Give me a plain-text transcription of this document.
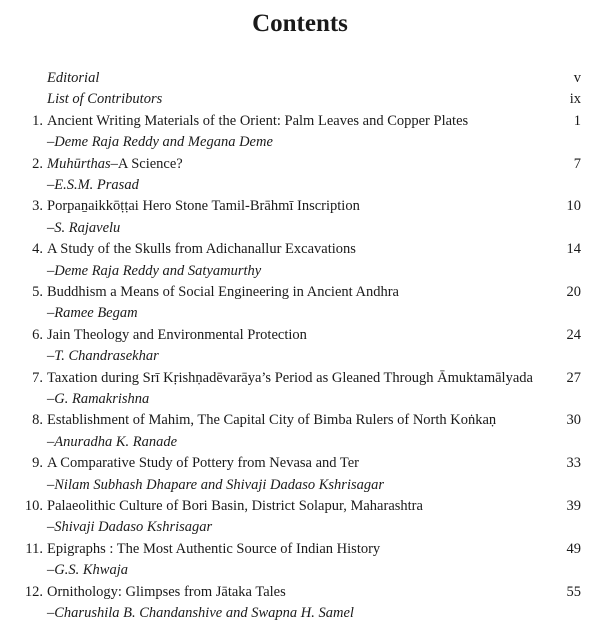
Contents
Editorial	v
List of Contributors	ix
1. Ancient Writing Materials of the Orient: Palm Leaves and Copper Plates	1
–Deme Raja Reddy and Megana Deme
2. Muhūrthas–A Science?	7
–E.S.M. Prasad
3. Porpaṉaikkōṭṭai Hero Stone Tamil-Brāhmī Inscription	10
–S. Rajavelu
4. A Study of the Skulls from Adichanallur Excavations	14
–Deme Raja Reddy and Satyamurthy
5. Buddhism a Means of Social Engineering in Ancient Andhra	20
–Ramee Begam
6. Jain Theology and Environmental Protection	24
–T. Chandrasekhar
7. Taxation during Srī Kṛishṇadēvarāya’s Period as Gleaned Through Āmuktamālyada 27
–G. Ramakrishna
8. Establishment of Mahim, The Capital City of Bimba Rulers of North Koṅkaṇ	30
–Anuradha K. Ranade
9. A Comparative Study of Pottery from Nevasa and Ter	33
–Nilam Subhash Dhapare and Shivaji Dadaso Kshrisagar
10. Palaeolithic Culture of Bori Basin, District Solapur, Maharashtra	39
–Shivaji Dadaso Kshrisagar
11. Epigraphs : The Most Authentic Source of Indian History	49
–G.S. Khwaja
12. Ornithology: Glimpses from Jātaka Tales	55
–Charushila B. Chandanshive and Swapna H. Samel
